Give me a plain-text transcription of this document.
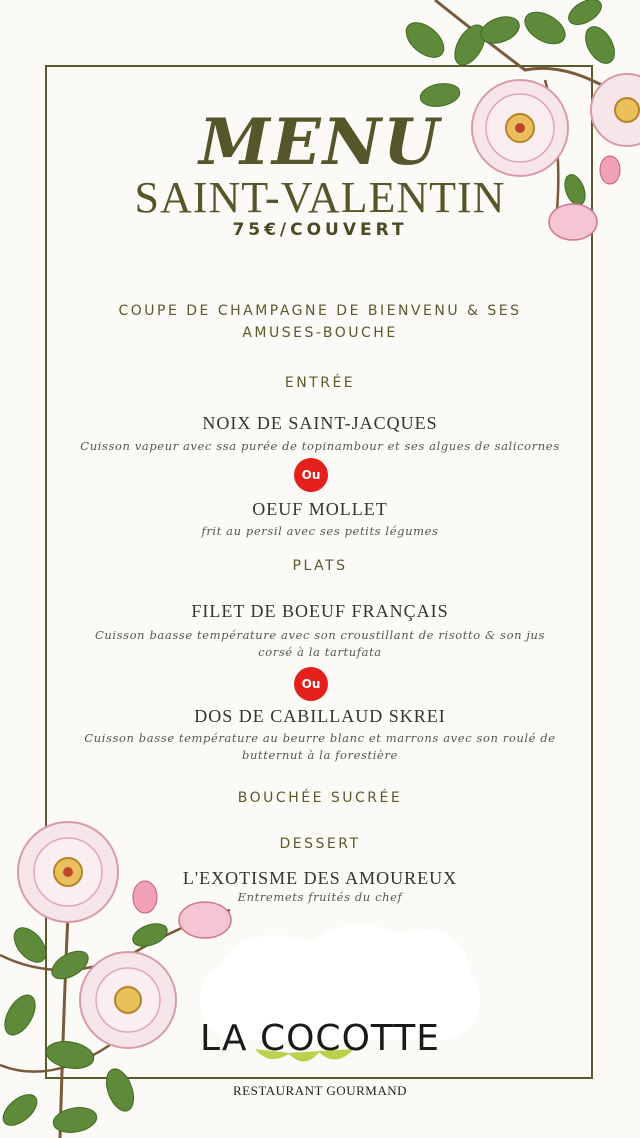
MENU
SAINT-VALENTIN
75€/COUVERT
COUPE DE CHAMPAGNE DE BIENVENU & SES
AMUSES-BOUCHE
ENTRÉE
NOIX DE SAINT-JACQUES
Cuisson vapeur avec ssa purée de topinambour et ses algues de salicornes
Ou
OEUF MOLLET
frit au persil avec ses petits légumes
PLATS
FILET DE BOEUF FRANÇAIS
Cuisson baasse température avec son croustillant de risotto & son jus
corsé à la tartufata
Ou
DOS DE CABILLAUD SKREI
Cuisson basse température au beurre blanc et marrons avec son roulé de
butternut à la forestière
BOUCHÉE SUCRÉE
DESSERT
L'EXOTISME DES AMOUREUX
Entremets fruités du chef
LA COCOTTE
RESTAURANT GOURMAND
